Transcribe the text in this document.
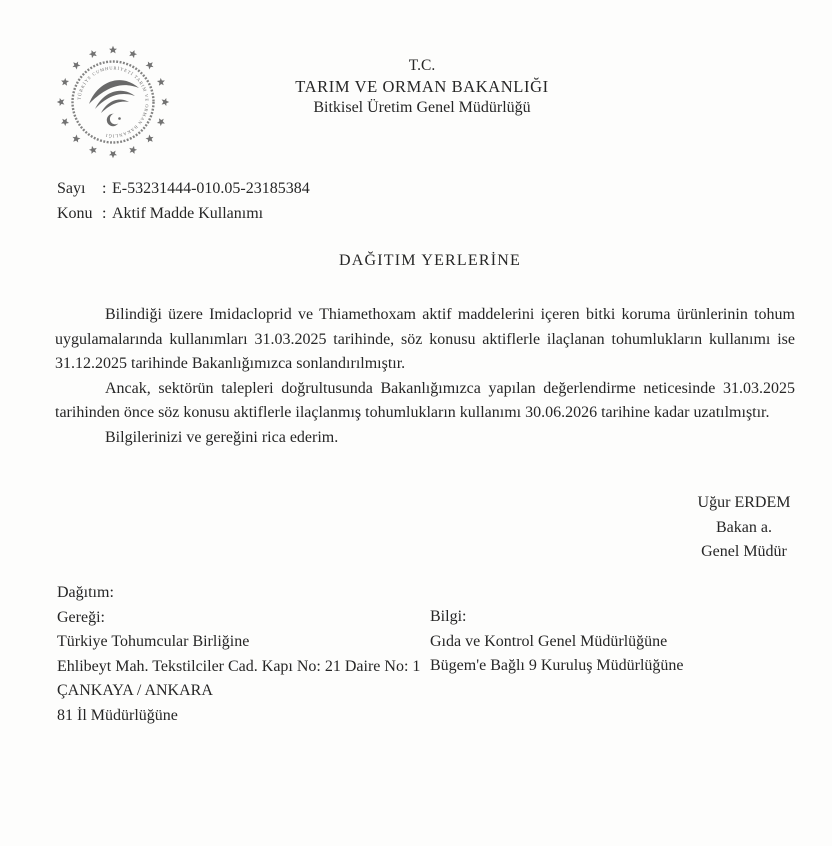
TÜRKİYE CUMHURİYETİ TARIM VE ORMAN BAKANLIĞI
T.C.
TARIM VE ORMAN BAKANLIĞI
Bitkisel Üretim Genel Müdürlüğü
Sayı	: E-53231444-010.05-23185384
Konu : Aktif Madde Kullanımı
DAĞITIM YERLERİNE

Bilindiği üzere Imidacloprid ve Thiamethoxam aktif maddelerini içeren bitki koruma ürünlerinin tohum uygulamalarında kullanımları 31.03.2025 tarihinde, söz konusu aktiflerle ilaçlanan tohumlukların kullanımı ise 31.12.2025 tarihinde Bakanlığımızca sonlandırılmıştır.

Ancak, sektörün talepleri doğrultusunda Bakanlığımızca yapılan değerlendirme neticesinde 31.03.2025 tarihinden önce söz konusu aktiflerle ilaçlanmış tohumlukların kullanımı 30.06.2026 tarihine kadar uzatılmıştır.

Bilgilerinizi ve gereğini rica ederim.

Uğur ERDEM
Bakan a.
Genel Müdür
Dağıtım:
Gereği:
Türkiye Tohumcular Birliğine
Ehlibeyt Mah. Tekstilciler Cad. Kapı No: 21 Daire No: 1 ÇANKAYA / ANKARA
81 İl Müdürlüğüne
Bilgi:
Gıda ve Kontrol Genel Müdürlüğüne
Bügem'e Bağlı 9 Kuruluş Müdürlüğüne
